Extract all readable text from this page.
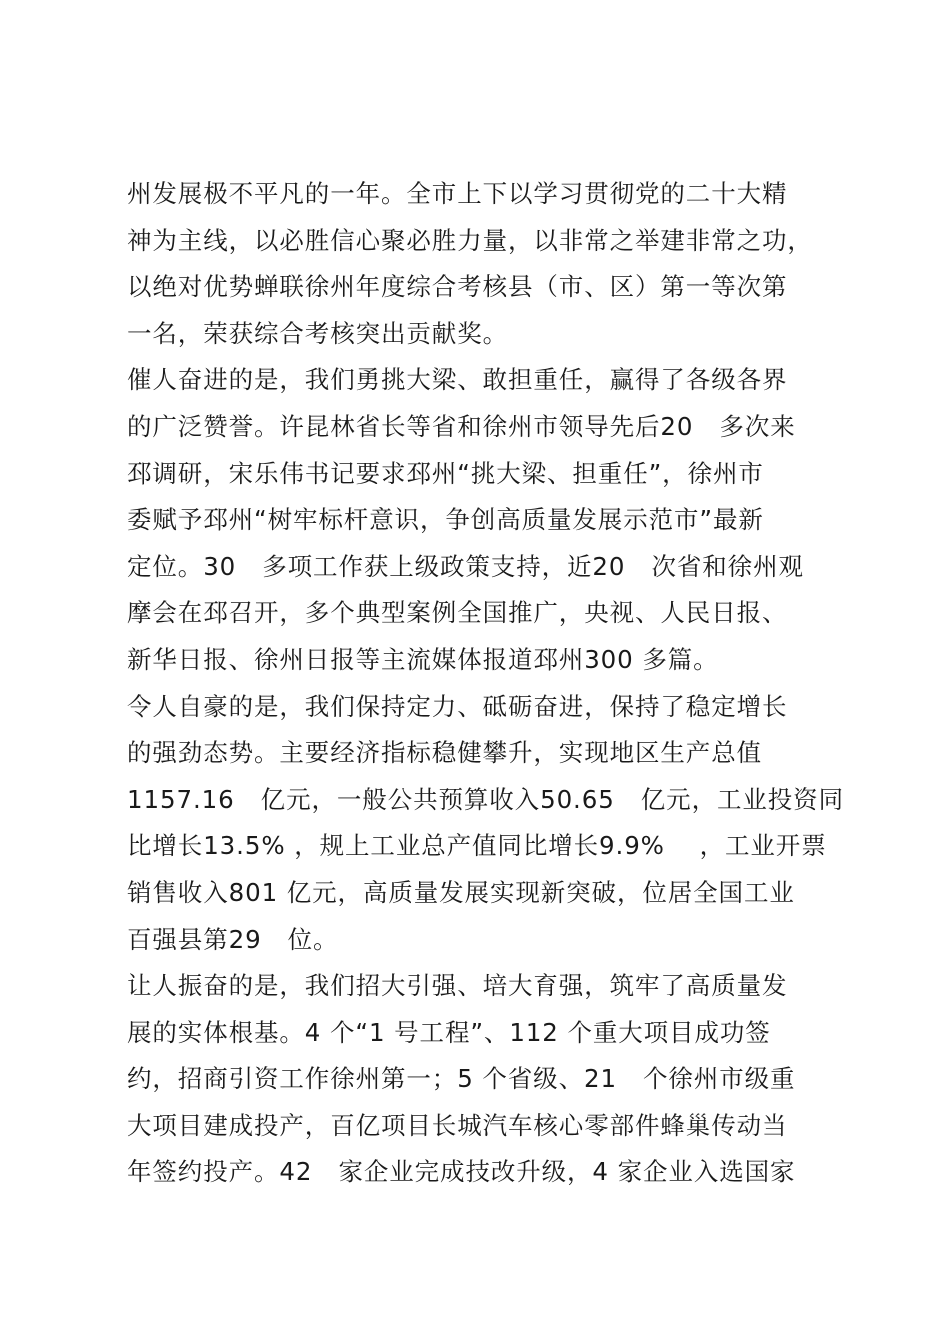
州发展极不平凡的一年。全市上下以学习贯彻党的二十大精
神为主线，以必胜信心聚必胜力量，以非常之举建非常之功，
以绝对优势蝉联徐州年度综合考核县（市、区）第一等次第
一名，荣获综合考核突出贡献奖。
催人奋进的是，我们勇挑大梁、敢担重任，赢得了各级各界
的广泛赞誉。许昆林省长等省和徐州市领导先后20   多次来
邳调研，宋乐伟书记要求邳州“挑大梁、担重任”，徐州市
委赋予邳州“树牢标杆意识，争创高质量发展示范市”最新
定位。30   多项工作获上级政策支持，近20   次省和徐州观
摩会在邳召开，多个典型案例全国推广，央视、人民日报、
新华日报、徐州日报等主流媒体报道邳州300 多篇。
令人自豪的是，我们保持定力、砥砺奋进，保持了稳定增长
的强劲态势。主要经济指标稳健攀升，实现地区生产总值
1157.16   亿元，一般公共预算收入50.65   亿元，工业投资同
比增长13.5% ，规上工业总产值同比增长9.9%    ，工业开票
销售收入801 亿元，高质量发展实现新突破，位居全国工业
百强县第29   位。
让人振奋的是，我们招大引强、培大育强，筑牢了高质量发
展的实体根基。4 个“1 号工程”、112 个重大项目成功签
约，招商引资工作徐州第一；5 个省级、21   个徐州市级重
大项目建成投产，百亿项目长城汽车核心零部件蜂巢传动当
年签约投产。42   家企业完成技改升级，4 家企业入选国家
